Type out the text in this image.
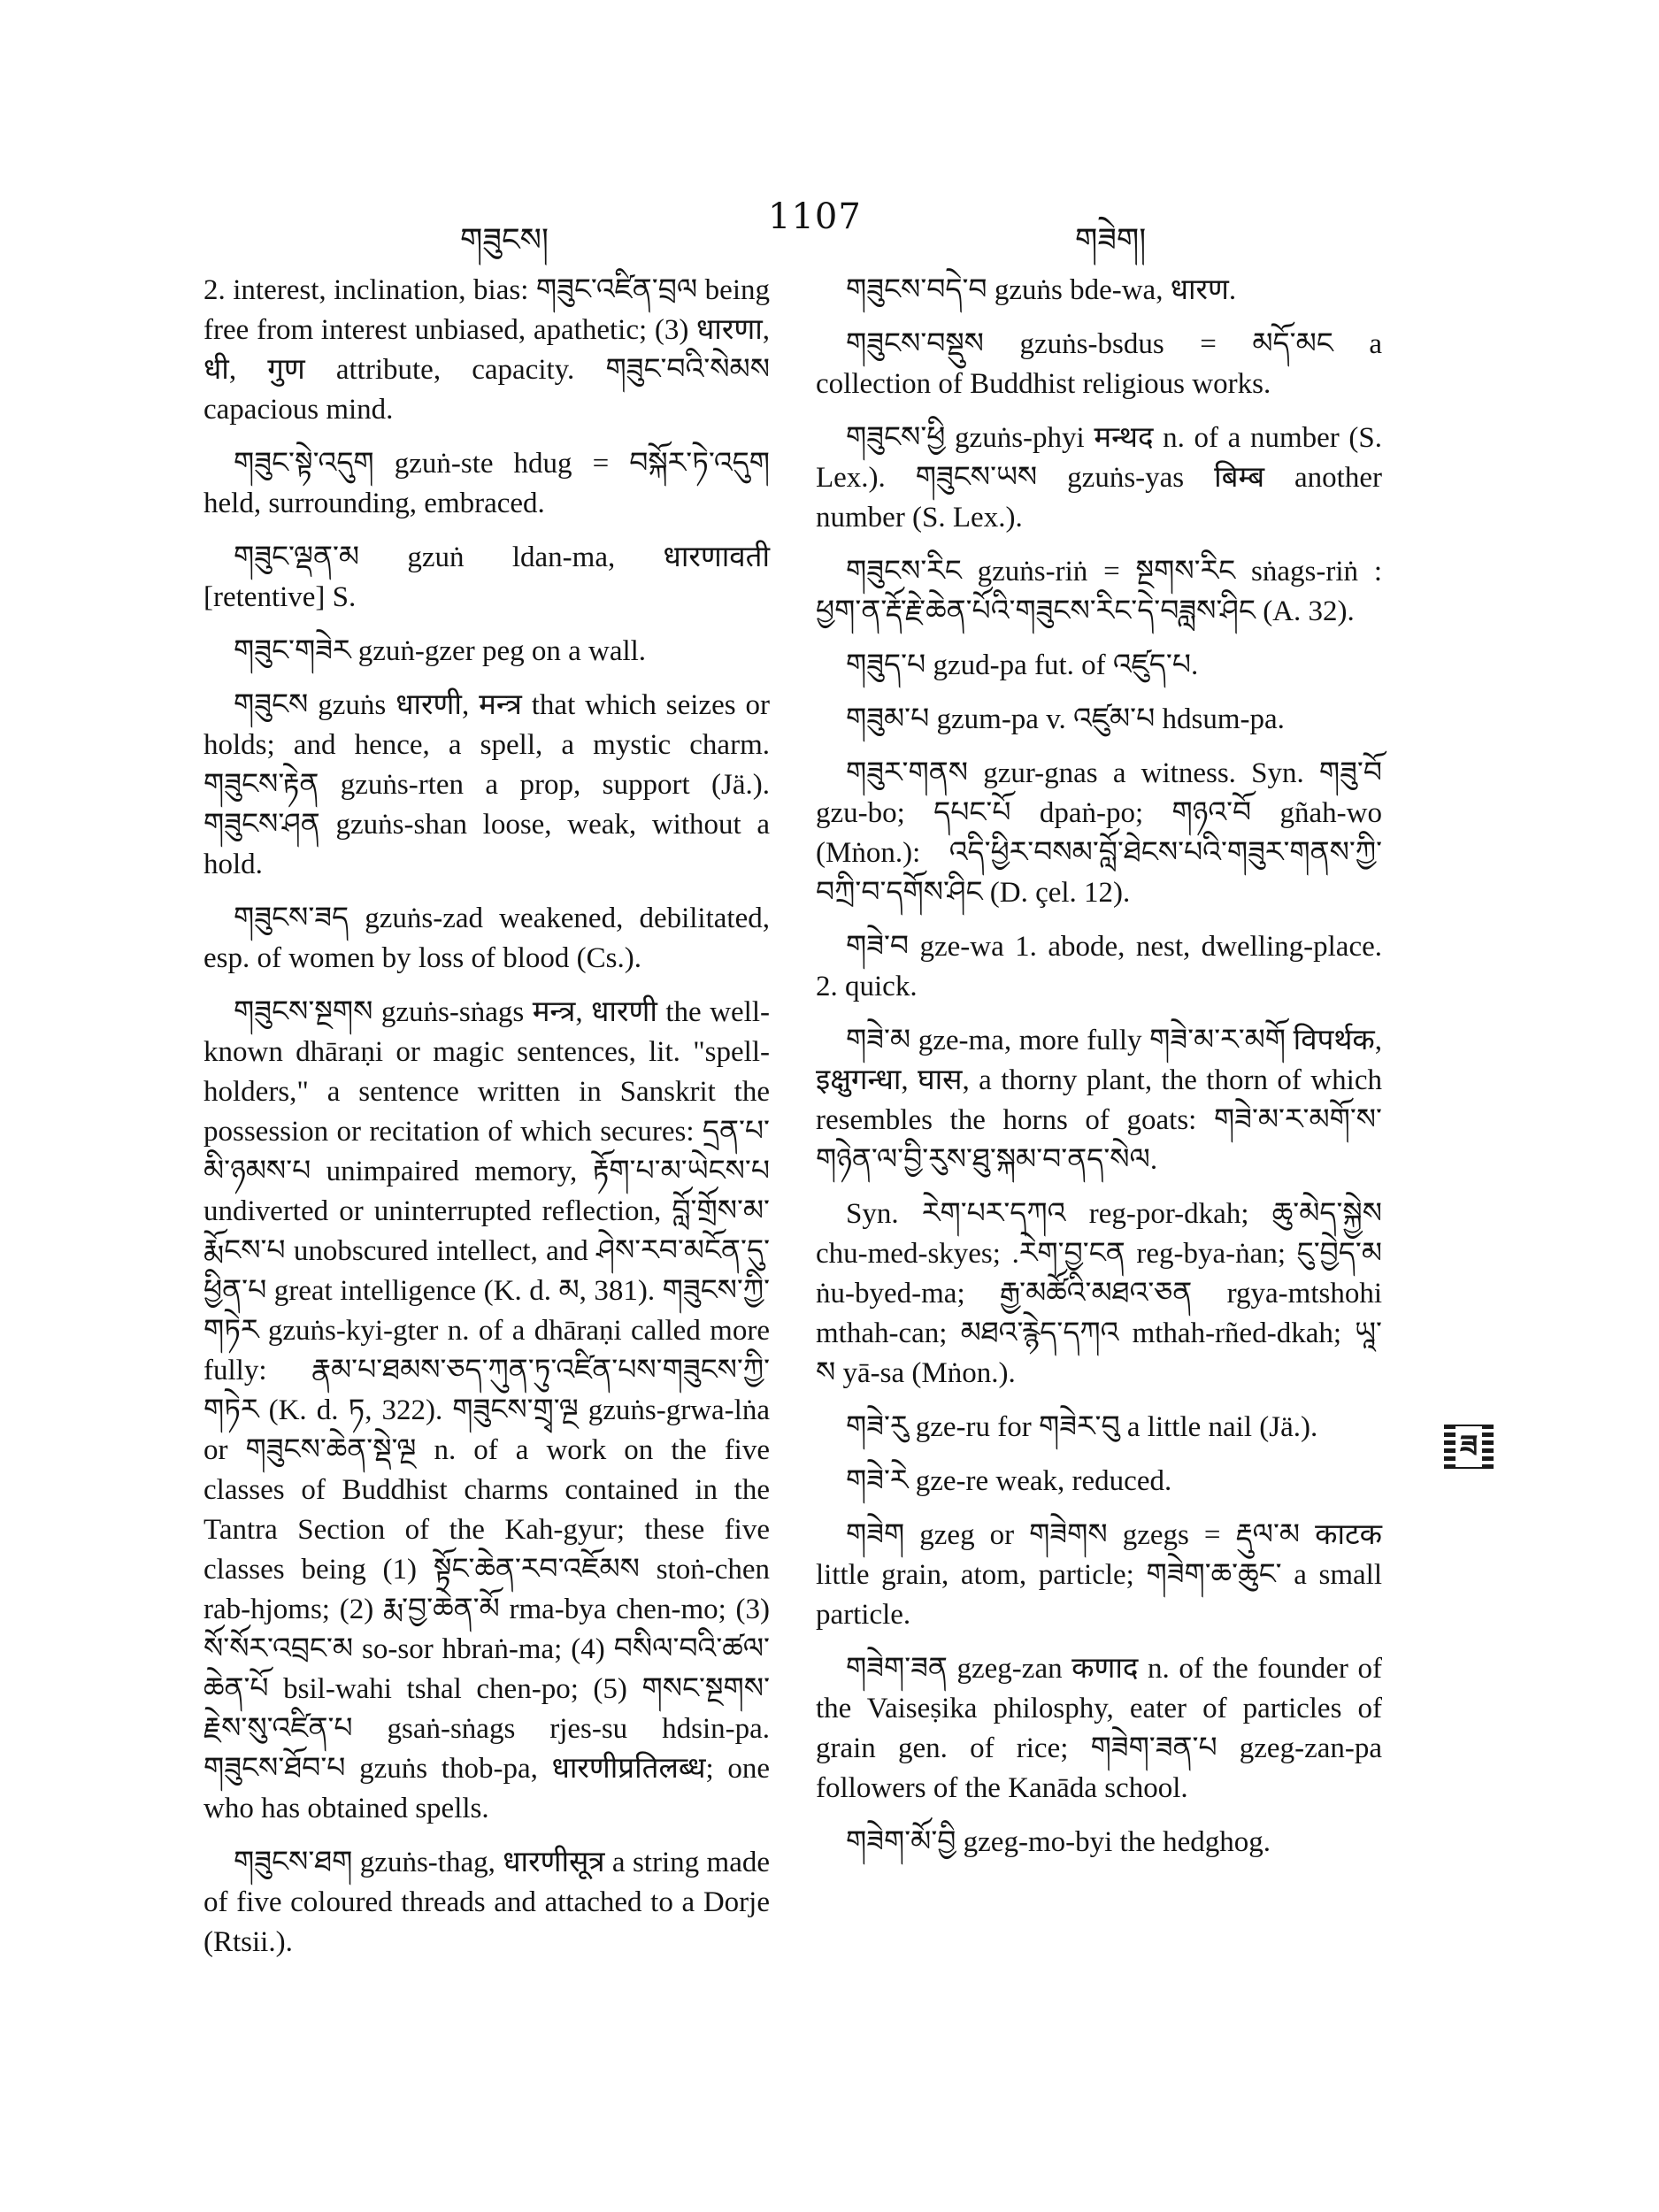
གཟུངས།
1107
གཟེག།

2. interest, inclination, bias: གཟུང་འཛིན་བྲལ being free from interest unbiased, apathetic; (3) धारणा, धी, गुण attribute, capacity. གཟུང་བའི་སེམས capacious mind.

གཟུང་སྟེ་འདུག gzuṅ-ste hdug = བསྐོར་ཏེ་འདུག held, surrounding, embraced.

གཟུང་ལྡན་མ gzuṅ ldan-ma, धारणावती [retentive] S.

གཟུང་གཟེར gzuṅ-gzer peg on a wall.

གཟུངས gzuṅs धारणी, मन्त्र that which seizes or holds; and hence, a spell, a mystic charm. གཟུངས་རྟེན gzuṅs-rten a prop, support (Jä.). གཟུངས་ཤན gzuṅs-shan loose, weak, without a hold.

གཟུངས་ཟད gzuṅs-zad weakened, debilitated, esp. of women by loss of blood (Cs.).

གཟུངས་སྔགས gzuṅs-sṅags मन्त्र, धारणी the well-known dhāraṇi or magic sentences, lit. "spell-holders," a sentence written in Sanskrit the possession or recitation of which secures: དྲན་པ་མི་ཉམས་པ unimpaired memory, རྟོག་པ་མ་ཡེངས་པ undiverted or uninterrupted reflection, བློ་གྲོས་མ་རྨོངས་པ unobscured intellect, and ཤེས་རབ་མངོན་དུ་ཕྱིན་པ great intelligence (K. d. མ, 381). གཟུངས་ཀྱི་གཏེར gzuṅs-kyi-gter n. of a dhāraṇi called more fully: རྣམ་པ་ཐམས་ཅད་ཀུན་ཏུ་འཛིན་པས་གཟུངས་ཀྱི་གཏེར (K. d. ཏ, 322). གཟུངས་གྲྭ་ལྔ gzuṅs-grwa-lṅa or གཟུངས་ཆེན་སྡེ་ལྔ n. of a work on the five classes of Buddhist charms contained in the Tantra Section of the Kah-gyur; these five classes being (1) སྟོང་ཆེན་རབ་འཇོམས stoṅ-chen rab-hjoms; (2) རྨ་བྱ་ཆེན་མོ rma-bya chen-mo; (3) སོ་སོར་འབྲང་མ so-sor hbraṅ-ma; (4) བསིལ་བའི་ཚལ་ཆེན་པོ bsil-wahi tshal chen-po; (5) གསང་སྔགས་རྗེས་སུ་འཛིན་པ gsaṅ-sṅags rjes-su hdsin-pa. གཟུངས་ཐོབ་པ gzuṅs thob-pa, धारणीप्रतिलब्ध; one who has obtained spells.

གཟུངས་ཐག gzuṅs-thag, धारणीसूत्र a string made of five coloured threads and attached to a Dorje (Rtsii.).

གཟུངས་བདེ་བ gzuṅs bde-wa, धारण.

གཟུངས་བསྡུས gzuṅs-bsdus = མདོ་མང a collection of Buddhist religious works.

གཟུངས་ཕྱི gzuṅs-phyi मन्थद n. of a number (S. Lex.). གཟུངས་ཡས gzuṅs-yas बिम्ब another number (S. Lex.).

གཟུངས་རིང gzuṅs-riṅ = སྔགས་རིང sṅags-riṅ : ཕྱག་ན་རྡོ་རྗེ་ཆེན་པོའི་གཟུངས་རིང་དེ་བཟླས་ཤིང (A. 32).

གཟུད་པ gzud-pa fut. of འཛུད་པ.

གཟུམ་པ gzum-pa v. འཛུམ་པ hdsum-pa.

གཟུར་གནས gzur-gnas a witness. Syn. གཟུ་བོ gzu-bo; དཔང་པོ dpaṅ-po; གཉའ་བོ gñah-wo (Mṅon.): འདི་ཕྱིར་བསམ་བློ་ཐེངས་པའི་གཟུར་གནས་ཀྱི་བཀྲི་བ་དགོས་ཤིང (D. çel. 12).

གཟེ་བ gze-wa 1. abode, nest, dwelling-place. 2. quick.

གཟེ་མ gze-ma, more fully གཟེ་མ་ར་མགོ विपर्थक, इक्षुगन्धा, घास, a thorny plant, the thorn of which resembles the horns of goats: གཟེ་མ་ར་མགོ་ས་གཉེན་ལ་བྱི་རུས་ཐུ་སྐམ་བ་ནད་སེལ.

Syn. རེག་པར་དཀའ reg-por-dkah; ཆུ་མེད་སྐྱེས chu-med-skyes; .རེག་བྱ་ངན reg-bya-ṅan; ངུ་བྱེད་མ ṅu-byed-ma; རྒྱ་མཚོའི་མཐའ་ཅན rgya-mtshohi mthah-can; མཐའ་རྙེད་དཀའ mthah-rñed-dkah; ཡཱ་ས yā-sa (Mṅon.).

གཟེ་རུ gze-ru for གཟེར་བུ a little nail (Jä.).

གཟེ་རེ gze-re weak, reduced.

གཟེག gzeg or གཟེགས gzegs = རྡུལ་མ काटक little grain, atom, particle; གཟེག་ཆ་ཆུང་ a small particle.

གཟེག་ཟན gzeg-zan कणाद n. of the founder of the Vaiseṣika philosphy, eater of particles of grain gen. of rice; གཟེག་ཟན་པ gzeg-zan-pa followers of the Kanāda school.

གཟེག་མོ་བྱི gzeg-mo-byi the hedghog.

ཟ
